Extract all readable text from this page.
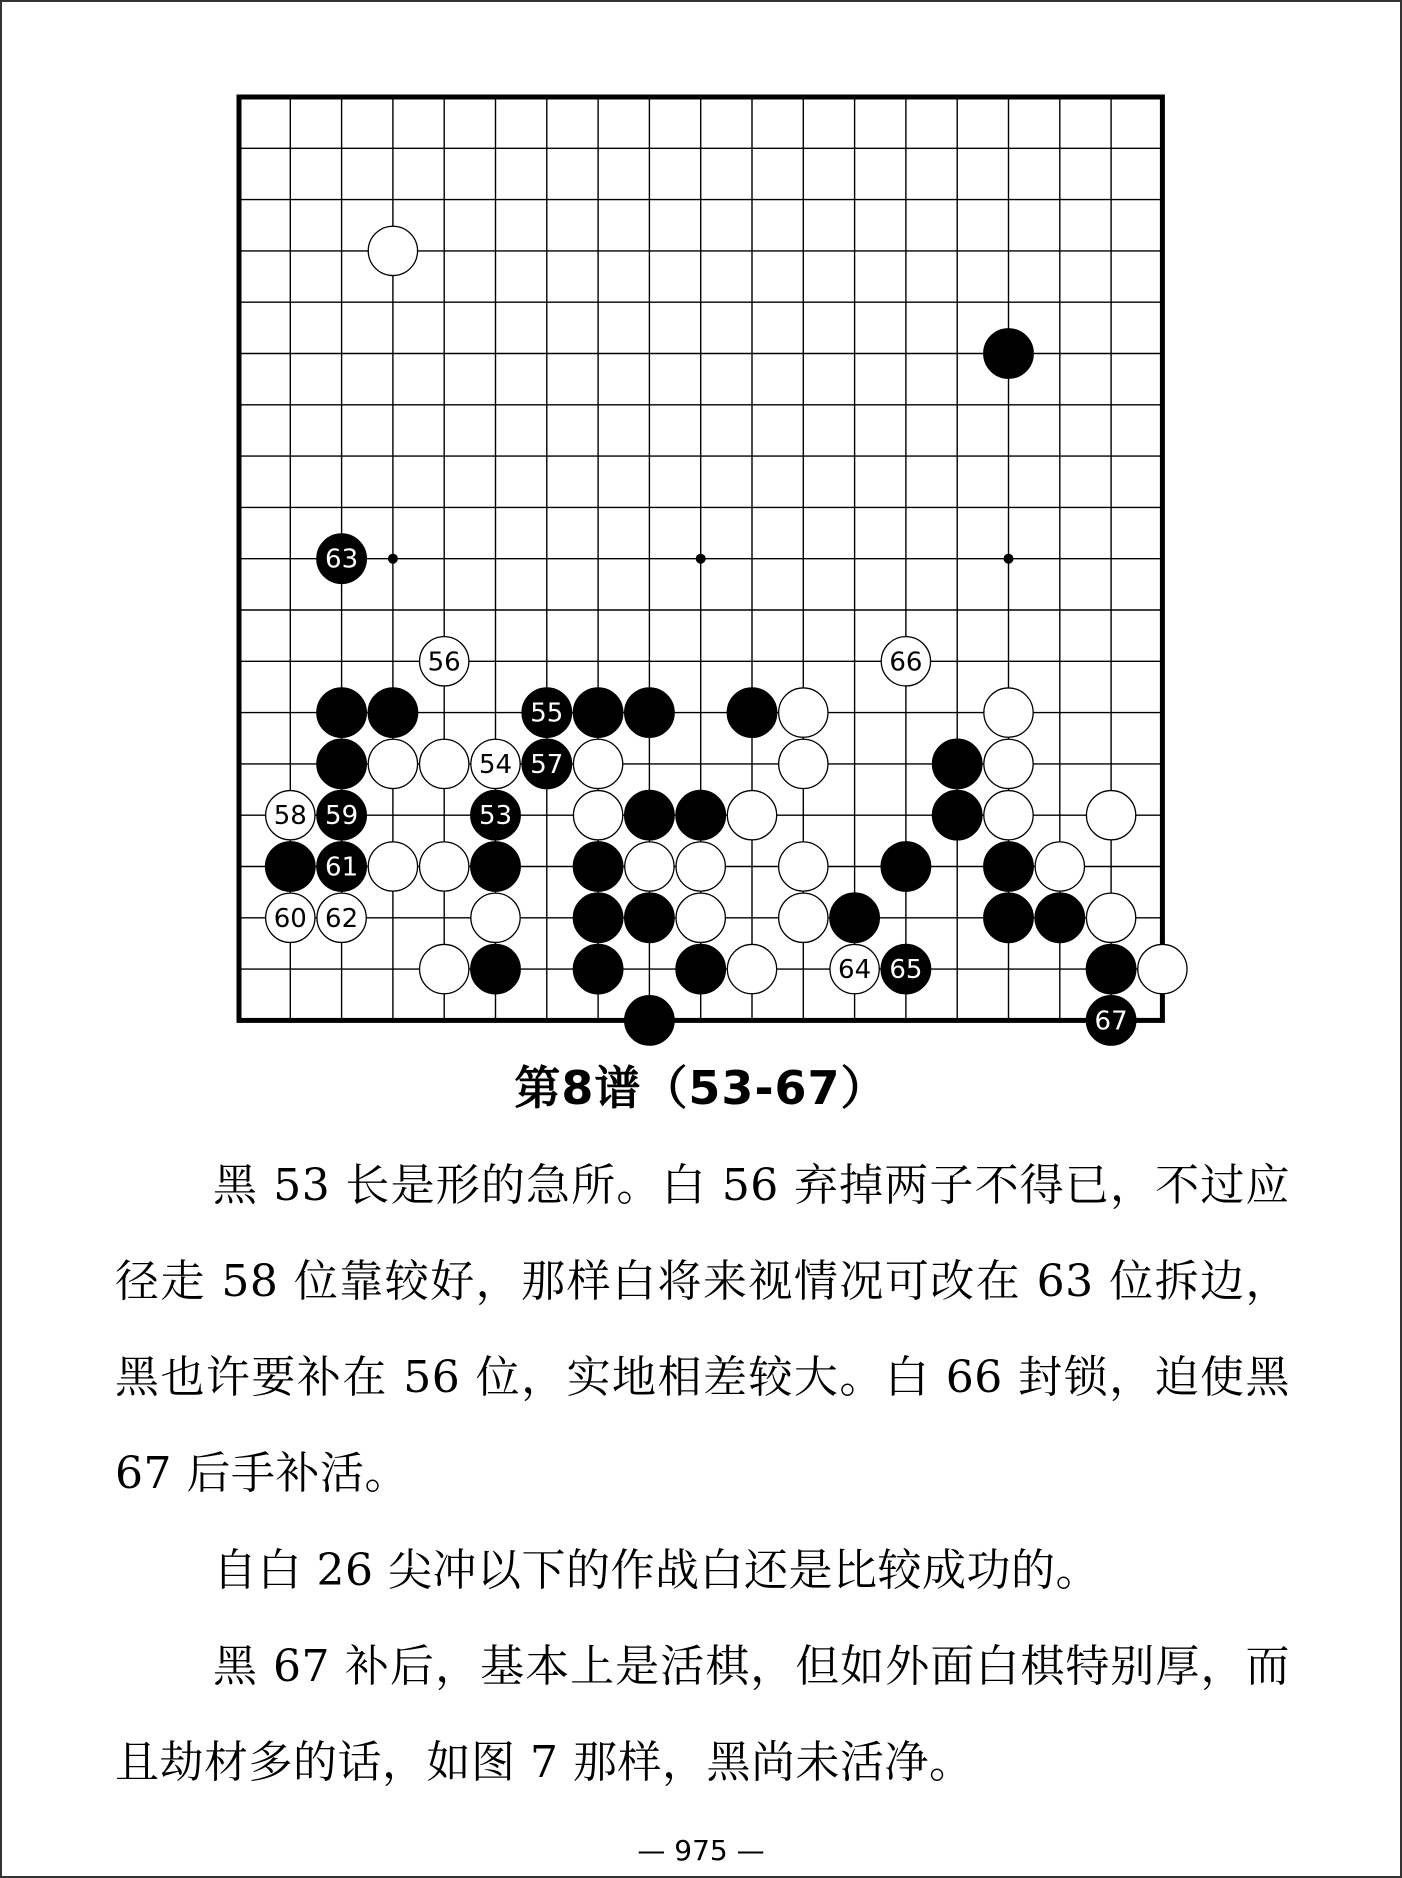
63
56	66
55
54 57
58 59	53
61
60 62
64 65
67
第8谱（53-67）
黑 53 长是形的急所。白 56 弃掉两子不得已，不过应径走 58 位靠较好，那样白将来视情况可改在 63 位拆边，黑也许要补在 56 位，实地相差较大。白 66 封锁，迫使黑 67 后手补活。
自白 26 尖冲以下的作战白还是比较成功的。
黑 67 补后，基本上是活棋，但如外面白棋特别厚，而且劫材多的话，如图 7 那样，黑尚未活净。
— 975 —
